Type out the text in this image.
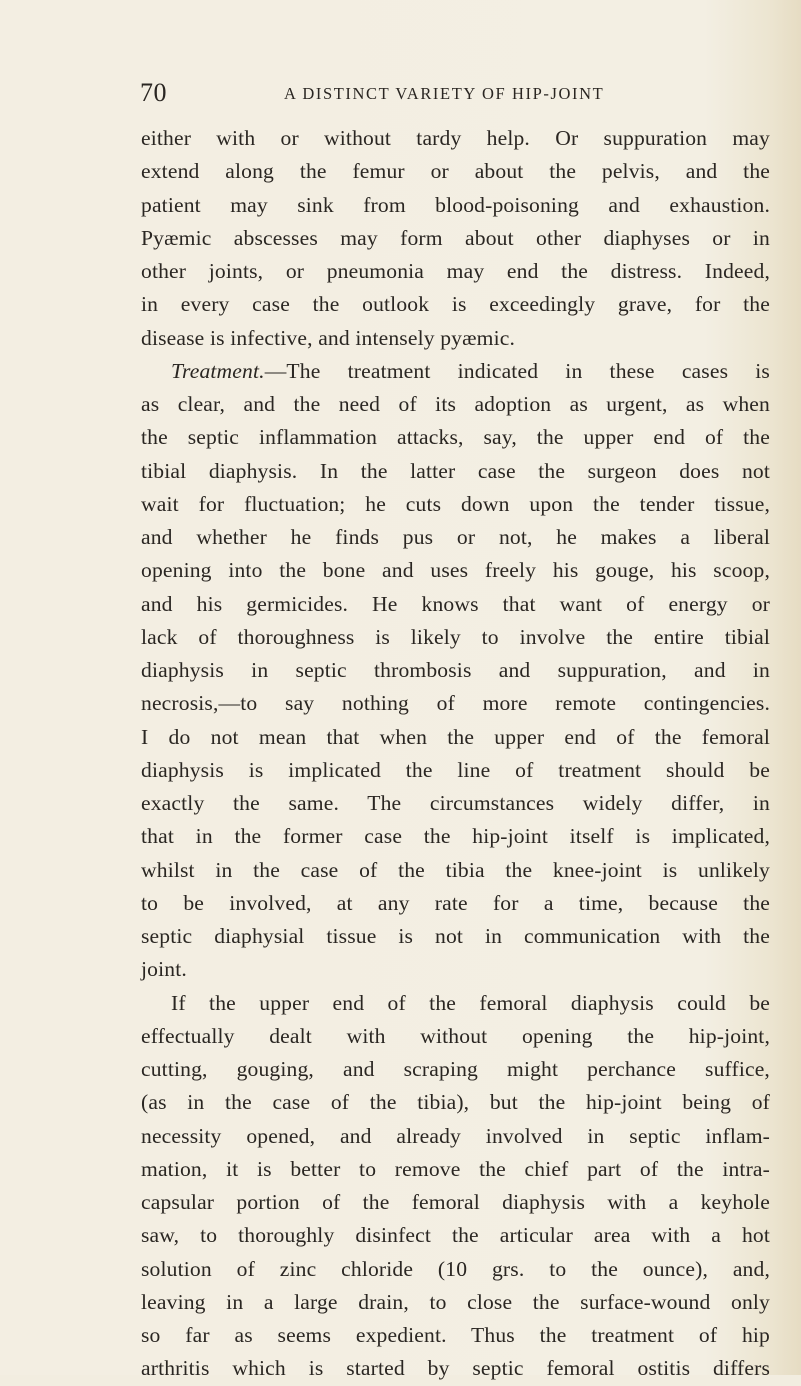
70	A DISTINCT VARIETY OF HIP-JOINT
either with or without tardy help. Or suppuration may
extend along the femur or about the pelvis, and the
patient may sink from blood-poisoning and exhaustion.
Pyæmic abscesses may form about other diaphyses or in
other joints, or pneumonia may end the distress. Indeed,
in every case the outlook is exceedingly grave, for the
disease is infective, and intensely pyæmic.
Treatment.—The treatment indicated in these cases is
as clear, and the need of its adoption as urgent, as when
the septic inflammation attacks, say, the upper end of the
tibial diaphysis. In the latter case the surgeon does not
wait for fluctuation; he cuts down upon the tender tissue,
and whether he finds pus or not, he makes a liberal
opening into the bone and uses freely his gouge, his scoop,
and his germicides. He knows that want of energy or
lack of thoroughness is likely to involve the entire tibial
diaphysis in septic thrombosis and suppuration, and in
necrosis,—to say nothing of more remote contingencies.
I do not mean that when the upper end of the femoral
diaphysis is implicated the line of treatment should be
exactly the same. The circumstances widely differ, in
that in the former case the hip-joint itself is implicated,
whilst in the case of the tibia the knee-joint is unlikely
to be involved, at any rate for a time, because the
septic diaphysial tissue is not in communication with the
joint.
If the upper end of the femoral diaphysis could be
effectually dealt with without opening the hip-joint,
cutting, gouging, and scraping might perchance suffice,
(as in the case of the tibia), but the hip-joint being of
necessity opened, and already involved in septic inflam-
mation, it is better to remove the chief part of the intra-
capsular portion of the femoral diaphysis with a keyhole
saw, to thoroughly disinfect the articular area with a hot
solution of zinc chloride (10 grs. to the ounce), and,
leaving in a large drain, to close the surface-wound only
so far as seems expedient. Thus the treatment of hip
arthritis which is started by septic femoral ostitis differs
